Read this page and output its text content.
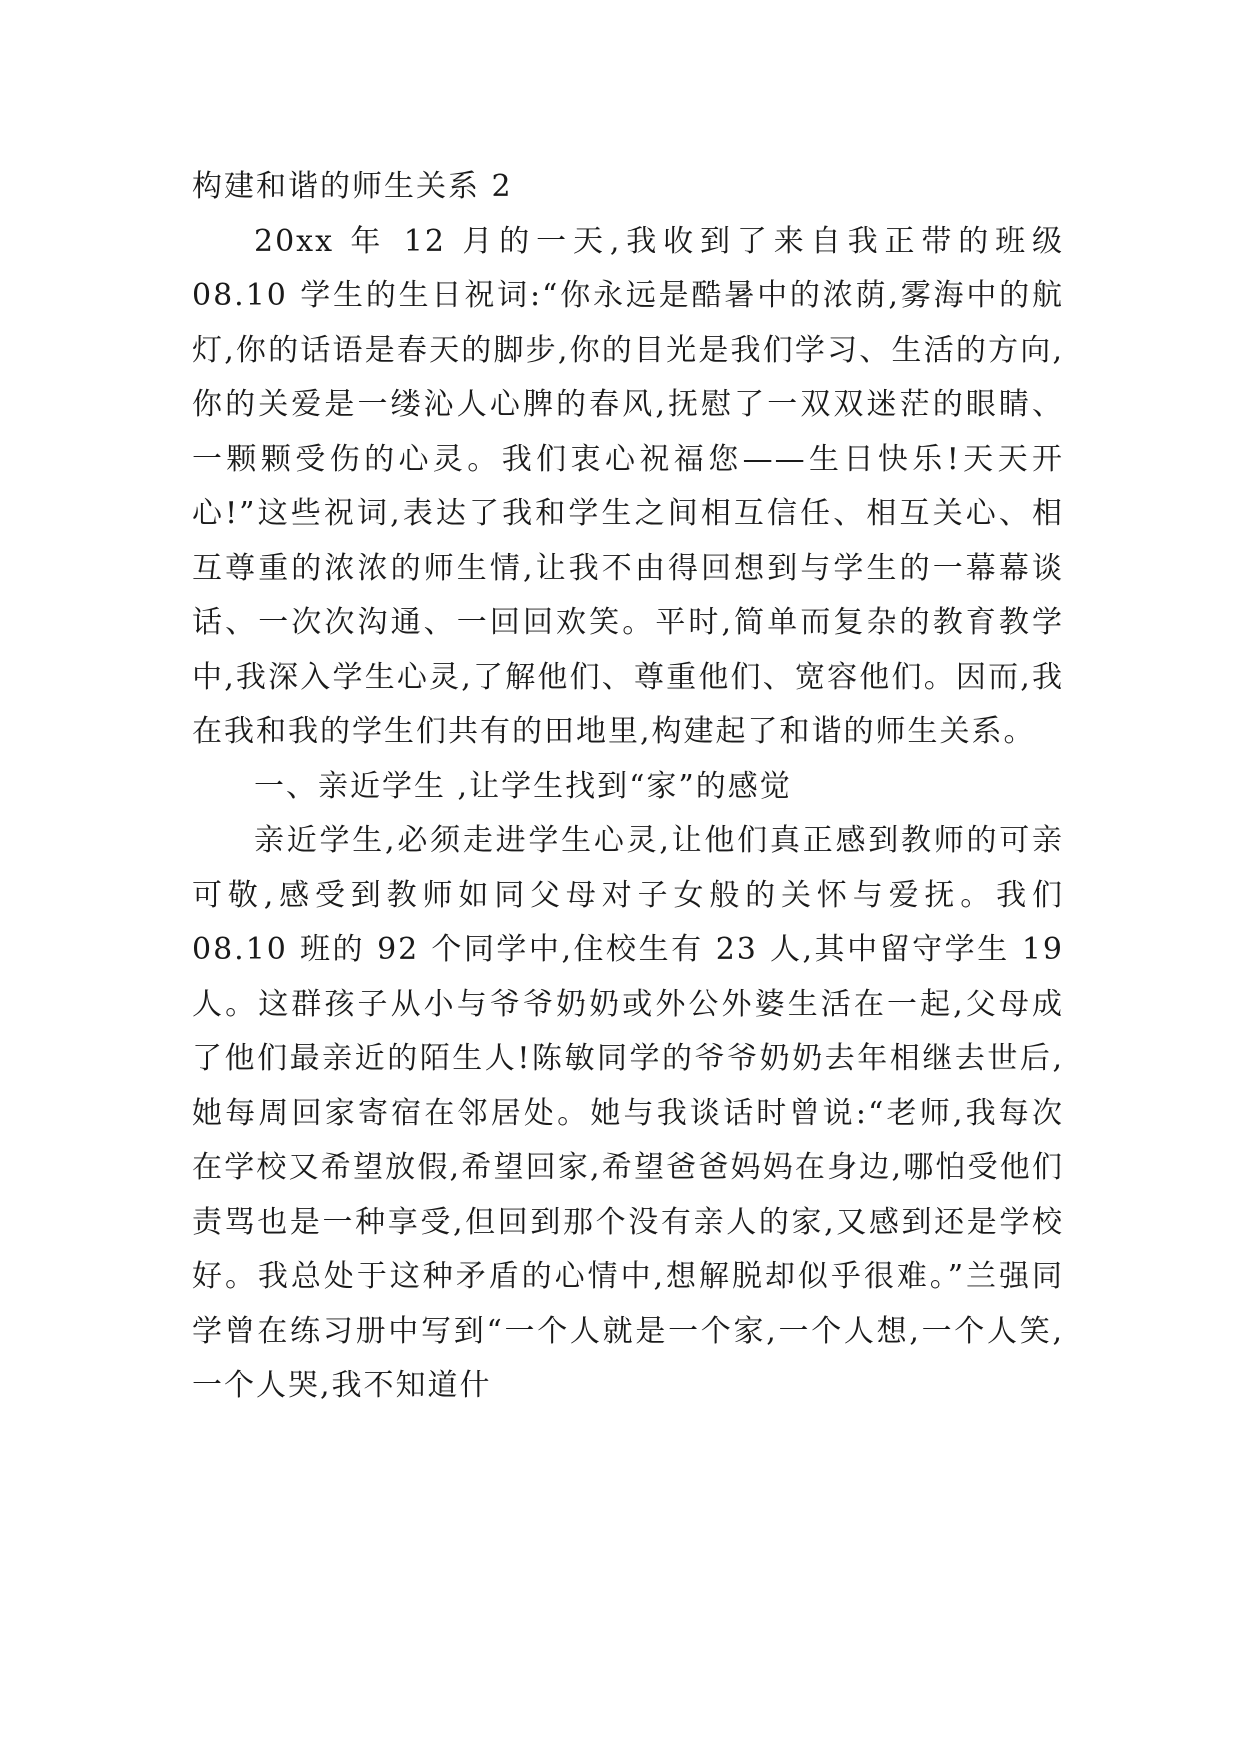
构建和谐的师生关系 2

20xx 年 12 月的一天,我收到了来自我正带的班级 08.10 学生的生日祝词:“你永远是酷暑中的浓荫,雾海中的航灯,你的话语是春天的脚步,你的目光是我们学习、生活的方向,你的关爱是一缕沁人心脾的春风,抚慰了一双双迷茫的眼睛、一颗颗受伤的心灵。我们衷心祝福您——生日快乐!天天开心!”这些祝词,表达了我和学生之间相互信任、相互关心、相互尊重的浓浓的师生情,让我不由得回想到与学生的一幕幕谈话、一次次沟通、一回回欢笑。平时,简单而复杂的教育教学中,我深入学生心灵,了解他们、尊重他们、宽容他们。因而,我在我和我的学生们共有的田地里,构建起了和谐的师生关系。

一、亲近学生 ,让学生找到“家”的感觉

亲近学生,必须走进学生心灵,让他们真正感到教师的可亲可敬,感受到教师如同父母对子女般的关怀与爱抚。我们 08.10 班的 92 个同学中,住校生有 23 人,其中留守学生 19 人。这群孩子从小与爷爷奶奶或外公外婆生活在一起,父母成了他们最亲近的陌生人!陈敏同学的爷爷奶奶去年相继去世后,她每周回家寄宿在邻居处。她与我谈话时曾说:“老师,我每次在学校又希望放假,希望回家,希望爸爸妈妈在身边,哪怕受他们责骂也是一种享受,但回到那个没有亲人的家,又感到还是学校好。我总处于这种矛盾的心情中,想解脱却似乎很难。”兰强同学曾在练习册中写到“一个人就是一个家,一个人想,一个人笑,一个人哭,我不知道什
